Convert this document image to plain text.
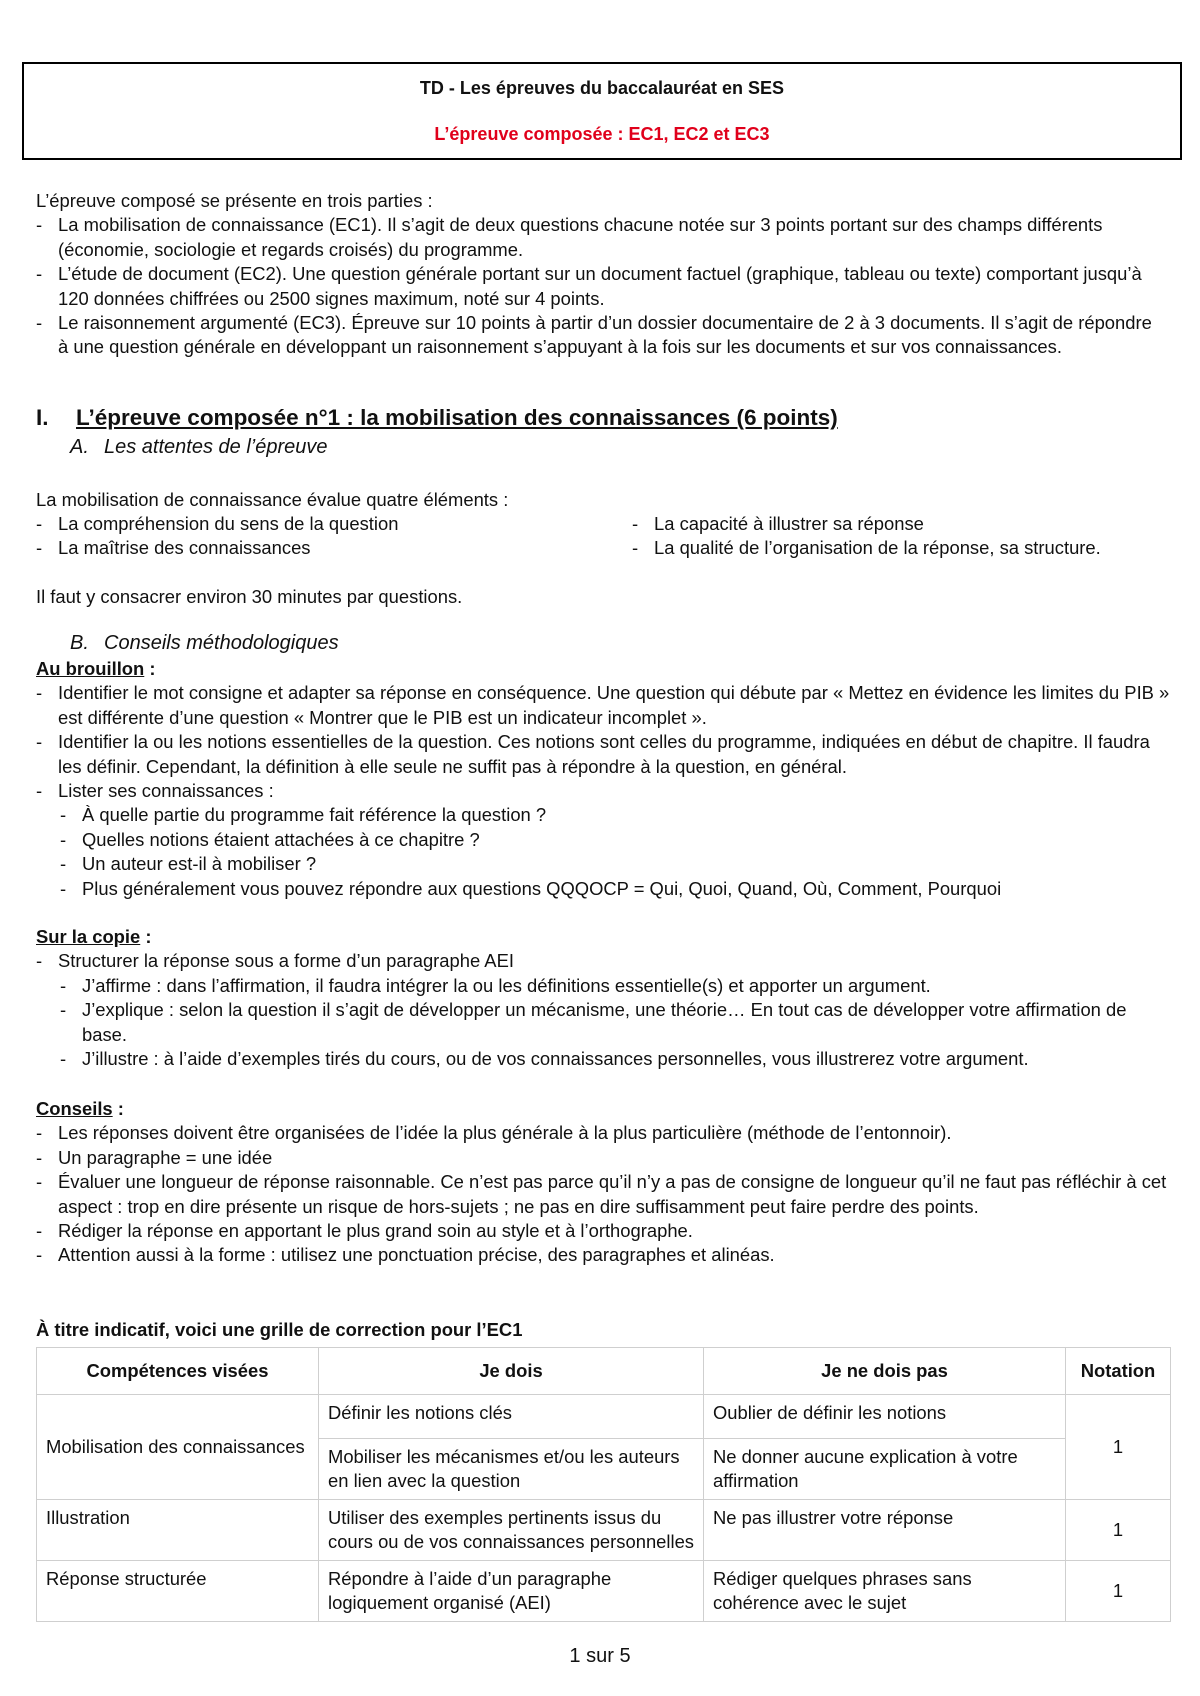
TD - Les épreuves du baccalauréat en SES
L’épreuve composée : EC1, EC2 et EC3
L’épreuve composé se présente en trois parties :
- La mobilisation de connaissance (EC1). Il s’agit de deux questions chacune notée sur 3 points portant sur des champs différents (économie, sociologie et regards croisés) du programme.
- L’étude de document (EC2). Une question générale portant sur un document factuel (graphique, tableau ou texte) comportant jusqu’à 120 données chiffrées ou 2500 signes maximum, noté sur 4 points.
- Le raisonnement argumenté (EC3). Épreuve sur 10 points à partir d’un dossier documentaire de 2 à 3 documents. Il s’agit de répondre à une question générale en développant un raisonnement s’appuyant à la fois sur les documents et sur vos connaissances.
I. L’épreuve composée n°1 : la mobilisation des connaissances (6 points)
A. Les attentes de l’épreuve
La mobilisation de connaissance évalue quatre éléments :
- La compréhension du sens de la question
- La maîtrise des connaissances
- La capacité à illustrer sa réponse
- La qualité de l’organisation de la réponse, sa structure.
Il faut y consacrer environ 30 minutes par questions.
B. Conseils méthodologiques
Au brouillon :
- Identifier le mot consigne et adapter sa réponse en conséquence. Une question qui débute par « Mettez en évidence les limites du PIB » est différente d’une question « Montrer que le PIB est un indicateur incomplet ».
- Identifier la ou les notions essentielles de la question. Ces notions sont celles du programme, indiquées en début de chapitre. Il faudra les définir. Cependant, la définition à elle seule ne suffit pas à répondre à la question, en général.
- Lister ses connaissances :
- À quelle partie du programme fait référence la question ?
- Quelles notions étaient attachées à ce chapitre ?
- Un auteur est-il à mobiliser ?
- Plus généralement vous pouvez répondre aux questions QQQOCP = Qui, Quoi, Quand, Où, Comment, Pourquoi
Sur la copie :
- Structurer la réponse sous a forme d’un paragraphe AEI
- J’affirme : dans l’affirmation, il faudra intégrer la ou les définitions essentielle(s) et apporter un argument.
- J’explique : selon la question il s’agit de développer un mécanisme, une théorie… En tout cas de développer votre affirmation de base.
- J’illustre : à l’aide d’exemples tirés du cours, ou de vos connaissances personnelles, vous illustrerez votre argument.
Conseils :
- Les réponses doivent être organisées de l’idée la plus générale à la plus particulière (méthode de l’entonnoir).
- Un paragraphe = une idée
- Évaluer une longueur de réponse raisonnable. Ce n’est pas parce qu’il n’y a pas de consigne de longueur qu’il ne faut pas réfléchir à cet aspect : trop en dire présente un risque de hors-sujets ; ne pas en dire suffisamment peut faire perdre des points.
- Rédiger la réponse en apportant le plus grand soin au style et à l’orthographe.
- Attention aussi à la forme : utilisez une ponctuation précise, des paragraphes et alinéas.
À titre indicatif, voici une grille de correction pour l’EC1
Compétences visées	Je dois	Je ne dois pas	Notation
Mobilisation des connaissances	Définir les notions clés	Oublier de définir les notions	1
	Mobiliser les mécanismes et/ou les auteurs en lien avec la question	Ne donner aucune explication à votre affirmation	
Illustration	Utiliser des exemples pertinents issus du cours ou de vos connaissances personnelles	Ne pas illustrer votre réponse	1
Réponse structurée	Répondre à l’aide d’un paragraphe logiquement organisé (AEI)	Rédiger quelques phrases sans cohérence avec le sujet	1
1 sur 5
